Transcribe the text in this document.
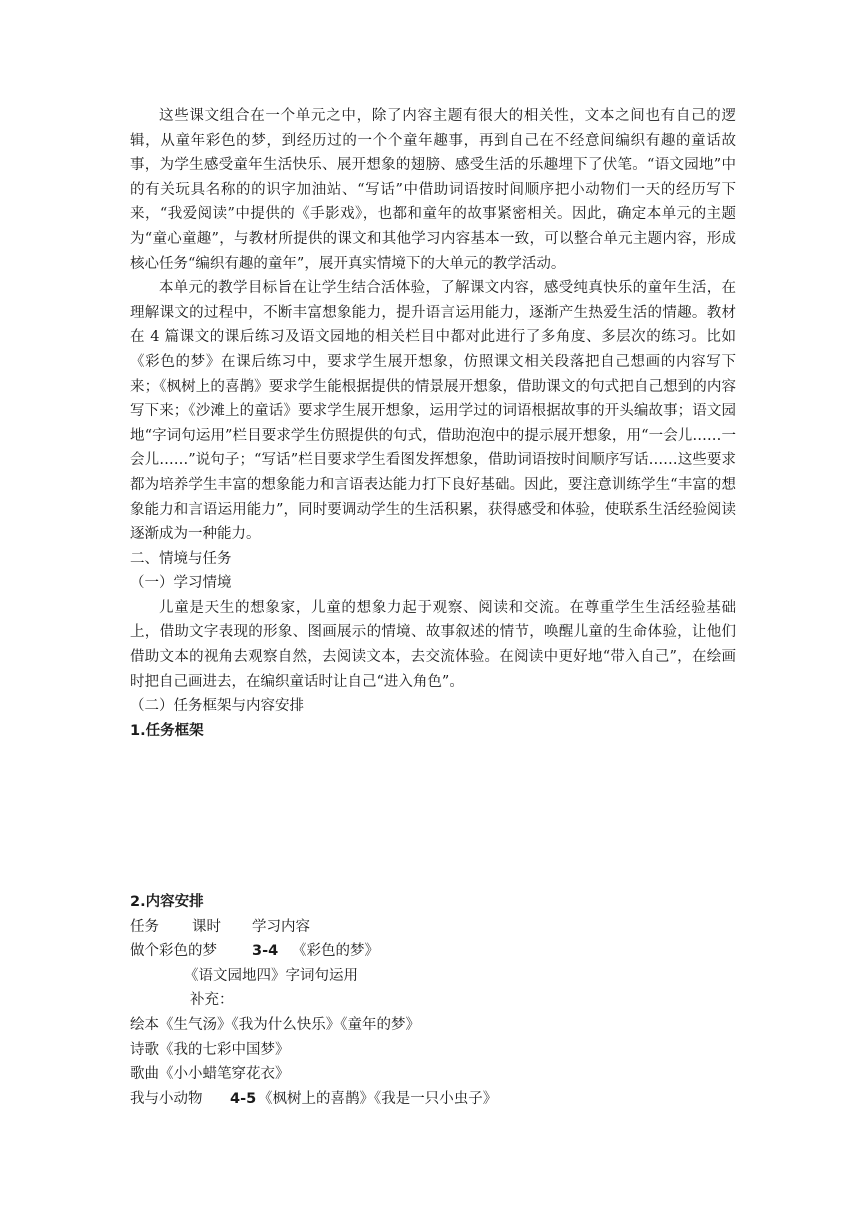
这些课文组合在一个单元之中，除了内容主题有很大的相关性，文本之间也有自己的逻辑，从童年彩色的梦，到经历过的一个个童年趣事，再到自己在不经意间编织有趣的童话故事，为学生感受童年生活快乐、展开想象的翅膀、感受生活的乐趣埋下了伏笔。“语文园地”中的有关玩具名称的的识字加油站、“写话”中借助词语按时间顺序把小动物们一天的经历写下来，“我爱阅读”中提供的《手影戏》，也都和童年的故事紧密相关。因此，确定本单元的主题为“童心童趣”，与教材所提供的课文和其他学习内容基本一致，可以整合单元主题内容，形成核心任务“编织有趣的童年”，展开真实情境下的大单元的教学活动。

本单元的教学目标旨在让学生结合活体验，了解课文内容，感受纯真快乐的童年生活，在理解课文的过程中，不断丰富想象能力，提升语言运用能力，逐渐产生热爱生活的情趣。教材在 4 篇课文的课后练习及语文园地的相关栏目中都对此进行了多角度、多层次的练习。比如《彩色的梦》在课后练习中，要求学生展开想象，仿照课文相关段落把自己想画的内容写下来；《枫树上的喜鹊》要求学生能根据提供的情景展开想象，借助课文的句式把自己想到的内容写下来；《沙滩上的童话》要求学生展开想象，运用学过的词语根据故事的开头编故事；语文园地“字词句运用”栏目要求学生仿照提供的句式，借助泡泡中的提示展开想象，用“一会儿……一会儿……”说句子；“写话”栏目要求学生看图发挥想象，借助词语按时间顺序写话……这些要求都为培养学生丰富的想象能力和言语表达能力打下良好基础。因此，要注意训练学生“丰富的想象能力和言语运用能力”，同时要调动学生的生活积累，获得感受和体验，使联系生活经验阅读逐渐成为一种能力。

二、情境与任务

（一）学习情境

儿童是天生的想象家，儿童的想象力起于观察、阅读和交流。在尊重学生生活经验基础上，借助文字表现的形象、图画展示的情境、故事叙述的情节，唤醒儿童的生命体验，让他们借助文本的视角去观察自然，去阅读文本，去交流体验。在阅读中更好地“带入自己”，在绘画时把自己画进去，在编织童话时让自己“进入角色”。

（二）任务框架与内容安排

1.任务框架

2.内容安排

任务 课时 学习内容
做个彩色的梦 3-4 《彩色的梦》
《语文园地四》字词句运用
补充：

绘本《生气汤》《我为什么快乐》《童年的梦》

诗歌《我的七彩中国梦》

歌曲《小小蜡笔穿花衣》

我与小动物 4-5 《枫树上的喜鹊》《我是一只小虫子》
